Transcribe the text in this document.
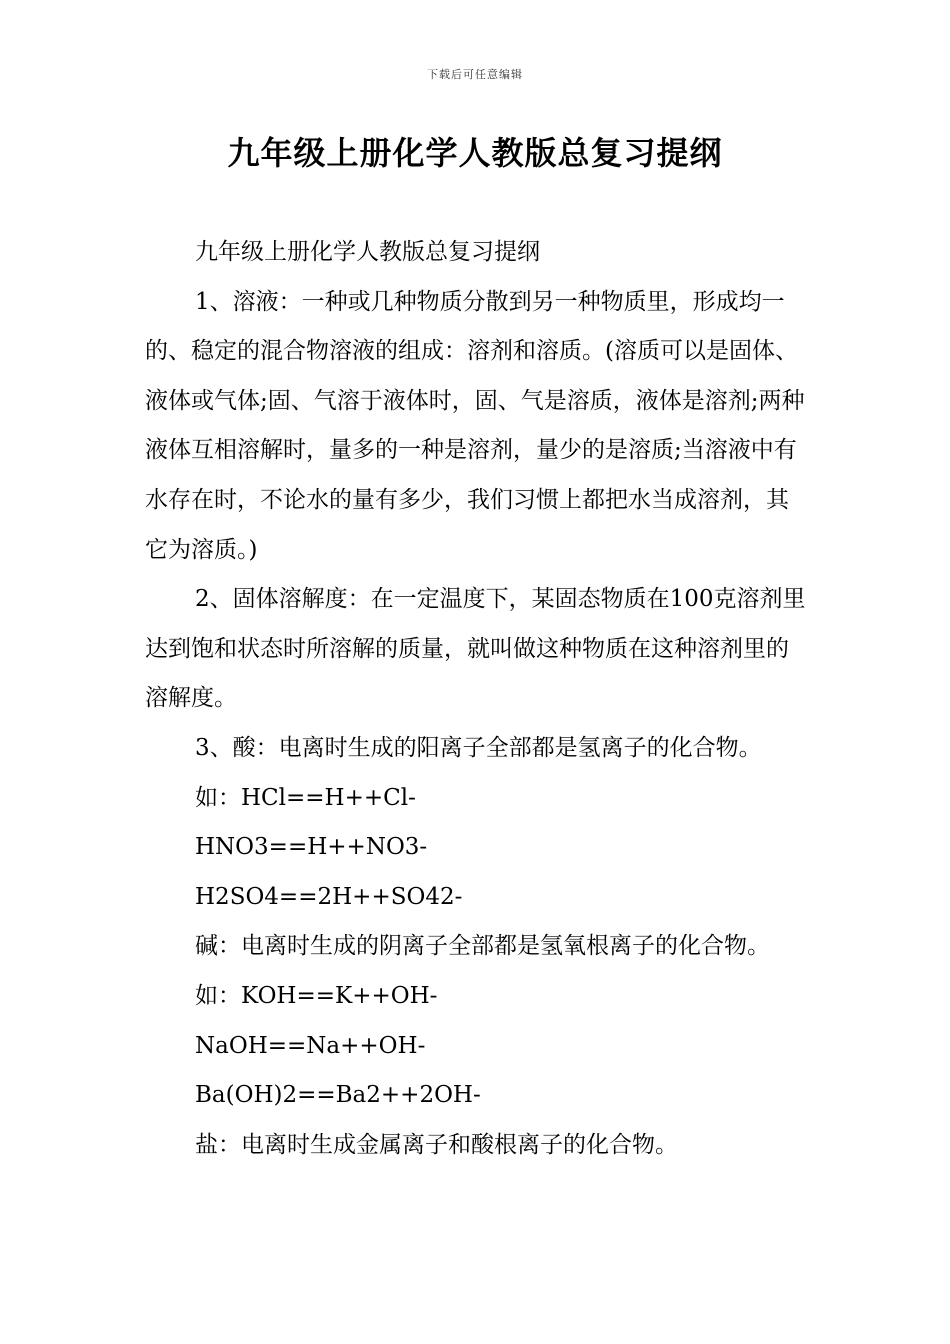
下载后可任意编辑
九年级上册化学人教版总复习提纲

九年级上册化学人教版总复习提纲

1、溶液：一种或几种物质分散到另一种物质里，形成均一的、稳定的混合物溶液的组成：溶剂和溶质。(溶质可以是固体、液体或气体;固、气溶于液体时，固、气是溶质，液体是溶剂;两种液体互相溶解时，量多的一种是溶剂，量少的是溶质;当溶液中有水存在时，不论水的量有多少，我们习惯上都把水当成溶剂，其它为溶质。)

2、固体溶解度：在一定温度下，某固态物质在100克溶剂里达到饱和状态时所溶解的质量，就叫做这种物质在这种溶剂里的溶解度。

3、酸：电离时生成的阳离子全部都是氢离子的化合物。

如：HCl==H++Cl-

HNO3==H++NO3-

H2SO4==2H++SO42-

碱：电离时生成的阴离子全部都是氢氧根离子的化合物。

如：KOH==K++OH-

NaOH==Na++OH-

Ba(OH)2==Ba2++2OH-

盐：电离时生成金属离子和酸根离子的化合物。
